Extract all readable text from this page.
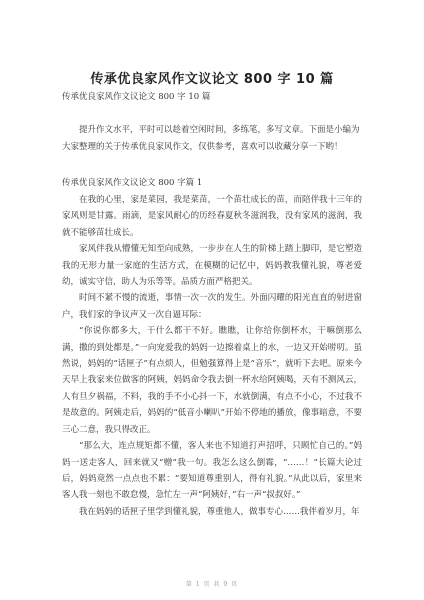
传承优良家风作文议论文 800 字 10 篇
传承优良家风作文议论文 800 字 10 篇
提升作文水平，平时可以趁着空闲时间，多练笔，多写文章。下面是小编为大家整理的关于传承优良家风作文，仅供参考，喜欢可以收藏分享一下哟！
传承优良家风作文议论文 800 字篇 1

在我的心里，家是菜园，我是菜苗，一个苗壮成长的苗，而陪伴我十三年的家风则是甘露。雨滴，是家风耐心的历经春夏秋冬滋润我，没有家风的滋润，我就不能够苗壮成长。

家风伴我从懵懂无知至向成熟，一步步在人生的阶梯上踏上脚印，是它塑造我的无形力量一家庭的生活方式，在模糊的记忆中，妈妈教我懂礼貌，尊老爱幼，诚实守信，助人为乐等等。品质方面严格把关。

时间不紧不慢的流逝，事情一次一次的发生。外面闪耀的阳光直直的射进窗户，我们家的争议声又一次自逼耳际：

“你说你都多大，干什么都干不好。瞧瞧，让你给你倒杯水，干嘛倒那么满，撒的到处都是。”一向宠爱我的妈妈一边擦着桌上的水，一边又开始唠叨。虽然说，妈妈的“话匣子”有点烦人，但勉强算得上是“音乐”，就听下去吧。原来今天早上我家来位做客的阿姨，妈妈命令我去倒一杯水给阿姨喝，天有不测风云，人有旦夕祸福，不料，我的手不小心抖一下，水就倒满，有点不小心，不过我不是故意的。阿姨走后，妈妈的“低音小喇叭”开始不停地的播放，像事暗意，不要三心二意，我只得改正。

“那么大，连点规矩都不懂，客人来也不知道打声招呼，只顾忙自己的。”妈妈一送走客人，回来就又“赠”我一句。我怎么这么倒霉，“……！”长篇大论过后，妈妈竟然一点点也不累：“要知道尊重别人，得有礼貌。”从此以后，家里来客人我一刻也不敢怠慢，急忙左一声“阿姨好，”右一声“叔叔好。”

我在妈妈的话匣子里学到懂礼貌，尊重他人，做事专心……我伴着岁月，年

第 1 页 共 9 页
